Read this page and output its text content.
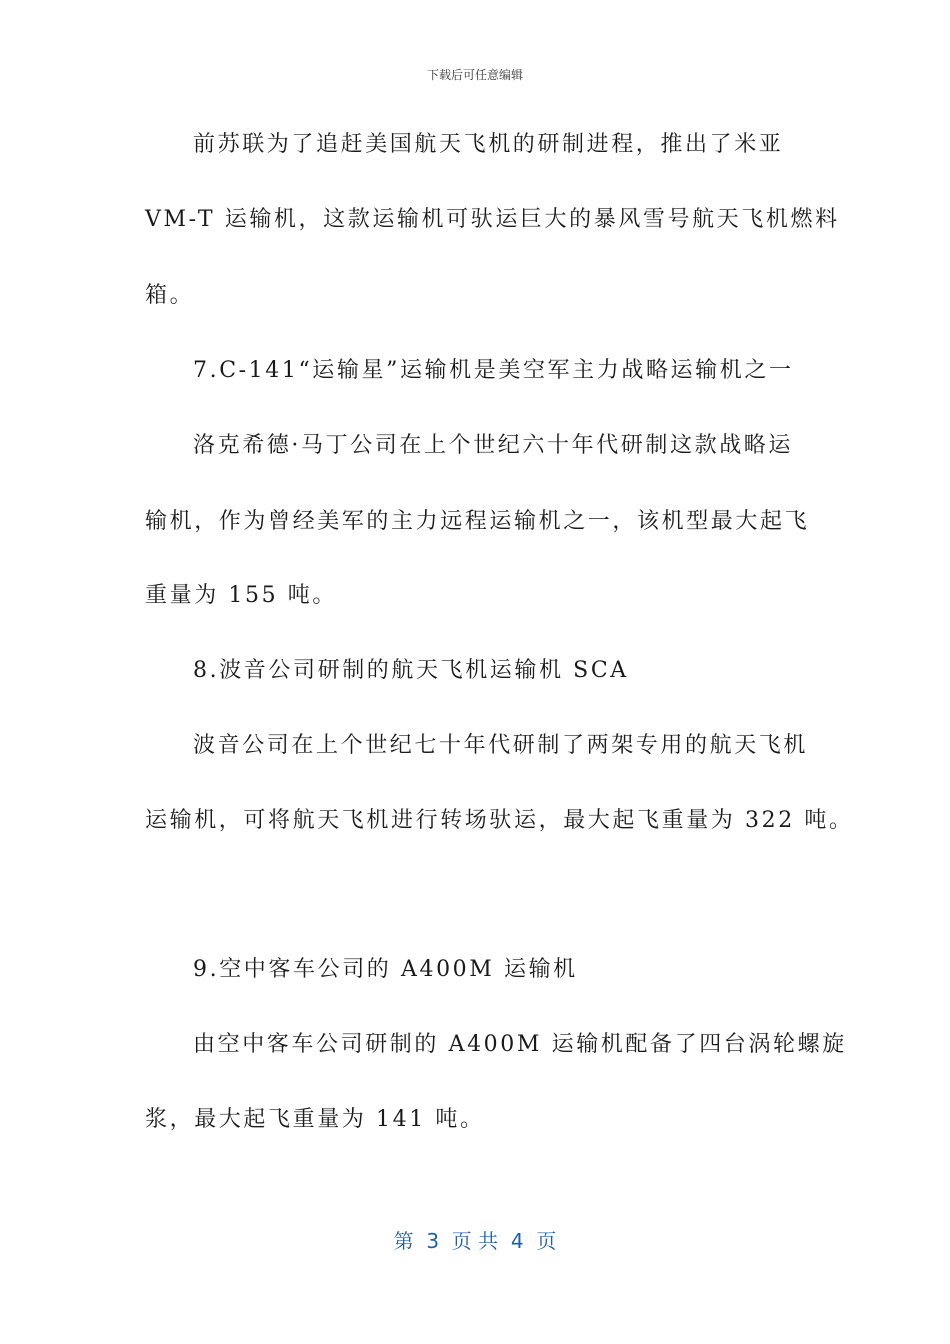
下载后可任意编辑
前苏联为了追赶美国航天飞机的研制进程，推出了米亚
VM-T 运输机，这款运输机可驮运巨大的暴风雪号航天飞机燃料
箱。
7.C-141“运输星”运输机是美空军主力战略运输机之一
洛克希德·马丁公司在上个世纪六十年代研制这款战略运
输机，作为曾经美军的主力远程运输机之一，该机型最大起飞
重量为 155 吨。
8.波音公司研制的航天飞机运输机 SCA
波音公司在上个世纪七十年代研制了两架专用的航天飞机
运输机，可将航天飞机进行转场驮运，最大起飞重量为 322 吨。
9.空中客车公司的 A400M 运输机
由空中客车公司研制的 A400M 运输机配备了四台涡轮螺旋
浆，最大起飞重量为 141 吨。
第  3  页 共  4  页
